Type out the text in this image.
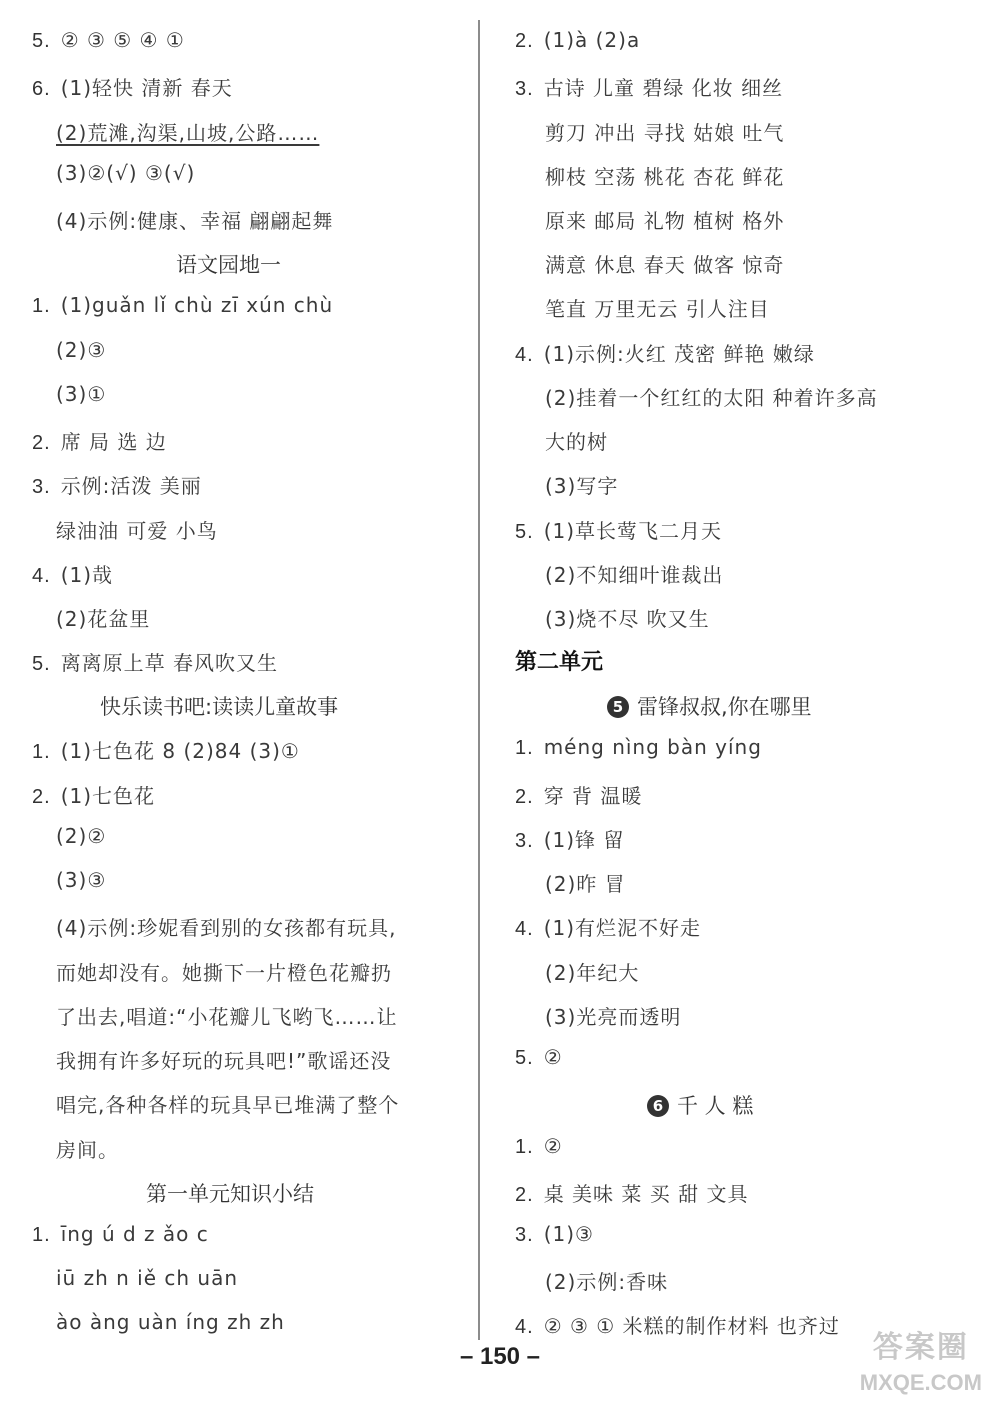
5. ② ③ ⑤ ④ ①
6. (1)轻快 清新 春天
(2)荒滩,沟渠,山坡,公路……
(3)②(√) ③(√)
(4)示例:健康、幸福 翩翩起舞
语文园地一
1. (1)guǎn lǐ chù zī xún chù
(2)③
(3)①
2. 席 局 选 边
3. 示例:活泼 美丽
绿油油 可爱 小鸟
4. (1)哉
(2)花盆里
5. 离离原上草 春风吹又生
快乐读书吧:读读儿童故事
1. (1)七色花 8 (2)84 (3)①
2. (1)七色花
(2)②
(3)③
(4)示例:珍妮看到别的女孩都有玩具,
而她却没有。她撕下一片橙色花瓣扔
了出去,唱道:“小花瓣儿飞哟飞……让
我拥有许多好玩的玩具吧!”歌谣还没
唱完,各种各样的玩具早已堆满了整个
房间。
第一单元知识小结
1. īng ú d z ǎo c
iū zh n iě ch uān
ào àng uàn íng zh zh
2. (1)à (2)a
3. 古诗 儿童 碧绿 化妆 细丝
剪刀 冲出 寻找 姑娘 吐气
柳枝 空荡 桃花 杏花 鲜花
原来 邮局 礼物 植树 格外
满意 休息 春天 做客 惊奇
笔直 万里无云 引人注目
4. (1)示例:火红 茂密 鲜艳 嫩绿
(2)挂着一个红红的太阳 种着许多高
大的树
(3)写字
5. (1)草长莺飞二月天
(2)不知细叶谁裁出
(3)烧不尽 吹又生
第二单元
5 雷锋叔叔,你在哪里
1. méng nìng bàn yíng
2. 穿 背 温暖
3. (1)锋 留
(2)昨 冒
4. (1)有烂泥不好走
(2)年纪大
(3)光亮而透明
5. ②
6 千 人 糕
1. ②
2. 桌 美味 菜 买 甜 文具
3. (1)③
(2)示例:香味
4. ② ③ ① 米糕的制作材料 也齐过
– 150 –	答案圈
MXQE.COM
